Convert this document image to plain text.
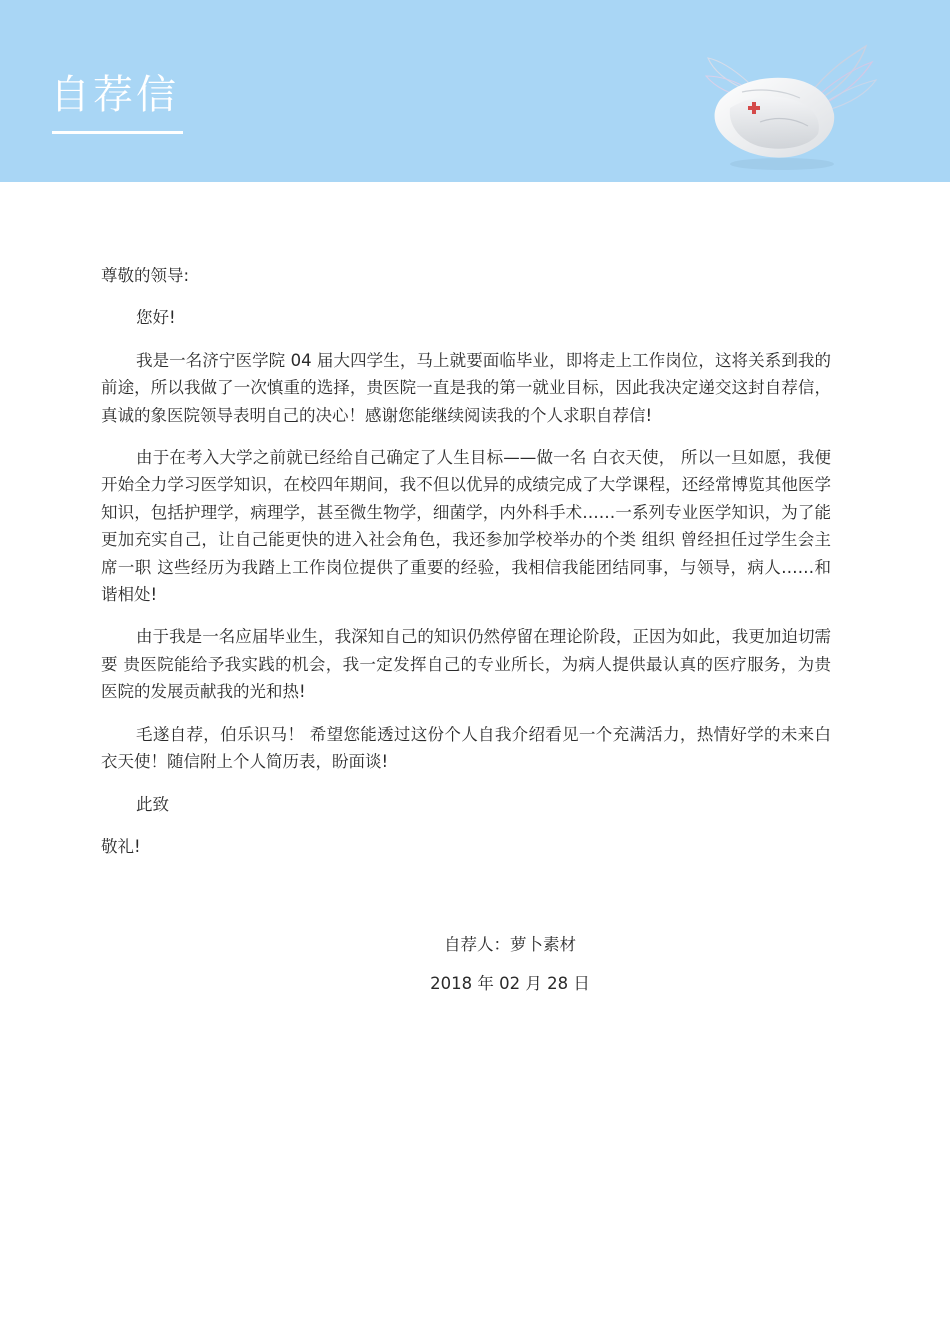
自荐信

尊敬的领导:

您好!

我是一名济宁医学院 04 届大四学生，马上就要面临毕业，即将走上工作岗位，这将关系到我的前途，所以我做了一次慎重的选择，贵医院一直是我的第一就业目标，因此我决定递交这封自荐信，真诚的象医院领导表明自己的决心！感谢您能继续阅读我的个人求职自荐信!

由于在考入大学之前就已经给自己确定了人生目标——做一名 白衣天使， 所以一旦如愿，我便开始全力学习医学知识，在校四年期间，我不但以优异的成绩完成了大学课程，还经常博览其他医学知识，包括护理学，病理学，甚至微生物学，细菌学，内外科手术……一系列专业医学知识，为了能更加充实自己，让自己能更快的进入社会角色，我还参加学校举办的个类 组织 曾经担任过学生会主席一职 这些经历为我踏上工作岗位提供了重要的经验，我相信我能团结同事，与领导，病人……和谐相处!

由于我是一名应届毕业生，我深知自己的知识仍然停留在理论阶段，正因为如此，我更加迫切需要 贵医院能给予我实践的机会，我一定发挥自己的专业所长，为病人提供最认真的医疗服务，为贵医院的发展贡献我的光和热!

毛遂自荐，伯乐识马！ 希望您能透过这份个人自我介绍看见一个充满活力，热情好学的未来白衣天使！随信附上个人简历表，盼面谈!

此致

敬礼!

自荐人：萝卜素材

2018 年 02 月 28 日
